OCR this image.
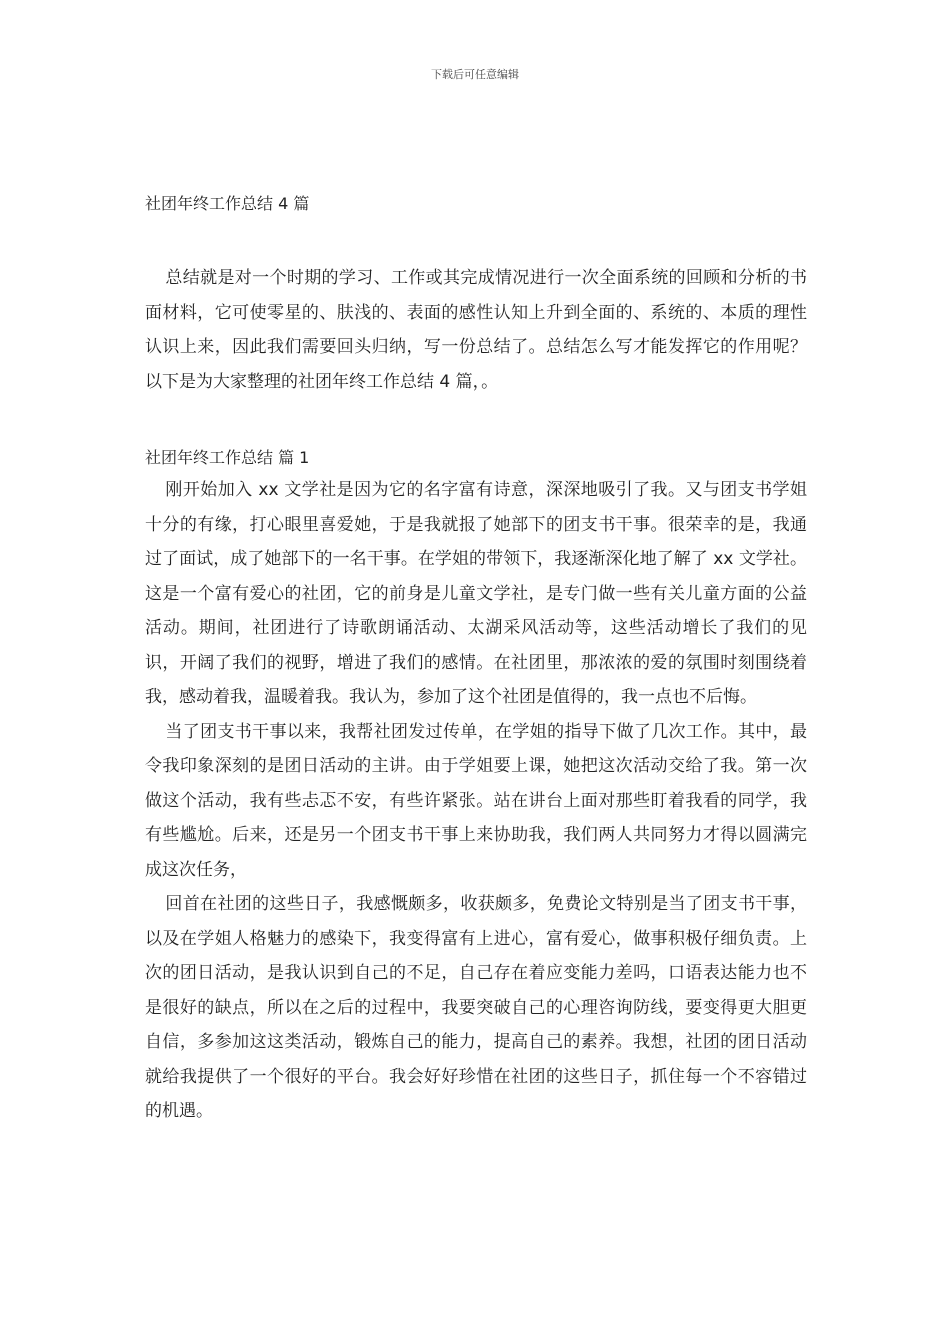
下载后可任意编辑
社团年终工作总结 4 篇

总结就是对一个时期的学习、工作或其完成情况进行一次全面系统的回顾和分析的书面材料，它可使零星的、肤浅的、表面的感性认知上升到全面的、系统的、本质的理性认识上来，因此我们需要回头归纳，写一份总结了。总结怎么写才能发挥它的作用呢？以下是为大家整理的社团年终工作总结 4 篇，。

社团年终工作总结 篇 1

刚开始加入 xx 文学社是因为它的名字富有诗意，深深地吸引了我。又与团支书学姐十分的有缘，打心眼里喜爱她，于是我就报了她部下的团支书干事。很荣幸的是，我通过了面试，成了她部下的一名干事。在学姐的带领下，我逐渐深化地了解了 xx 文学社。这是一个富有爱心的社团，它的前身是儿童文学社，是专门做一些有关儿童方面的公益活动。期间，社团进行了诗歌朗诵活动、太湖采风活动等，这些活动增长了我们的见识，开阔了我们的视野，增进了我们的感情。在社团里，那浓浓的爱的氛围时刻围绕着我，感动着我，温暖着我。我认为，参加了这个社团是值得的，我一点也不后悔。

当了团支书干事以来，我帮社团发过传单，在学姐的指导下做了几次工作。其中，最令我印象深刻的是团日活动的主讲。由于学姐要上课，她把这次活动交给了我。第一次做这个活动，我有些忐忑不安，有些许紧张。站在讲台上面对那些盯着我看的同学，我有些尴尬。后来，还是另一个团支书干事上来协助我，我们两人共同努力才得以圆满完成这次任务，

回首在社团的这些日子，我感慨颇多，收获颇多，免费论文特别是当了团支书干事，以及在学姐人格魅力的感染下，我变得富有上进心，富有爱心，做事积极仔细负责。上次的团日活动，是我认识到自己的不足，自己存在着应变能力差吗，口语表达能力也不是很好的缺点，所以在之后的过程中，我要突破自己的心理咨询防线，要变得更大胆更自信，多参加这这类活动，锻炼自己的能力，提高自己的素养。我想，社团的团日活动就给我提供了一个很好的平台。我会好好珍惜在社团的这些日子，抓住每一个不容错过的机遇。
